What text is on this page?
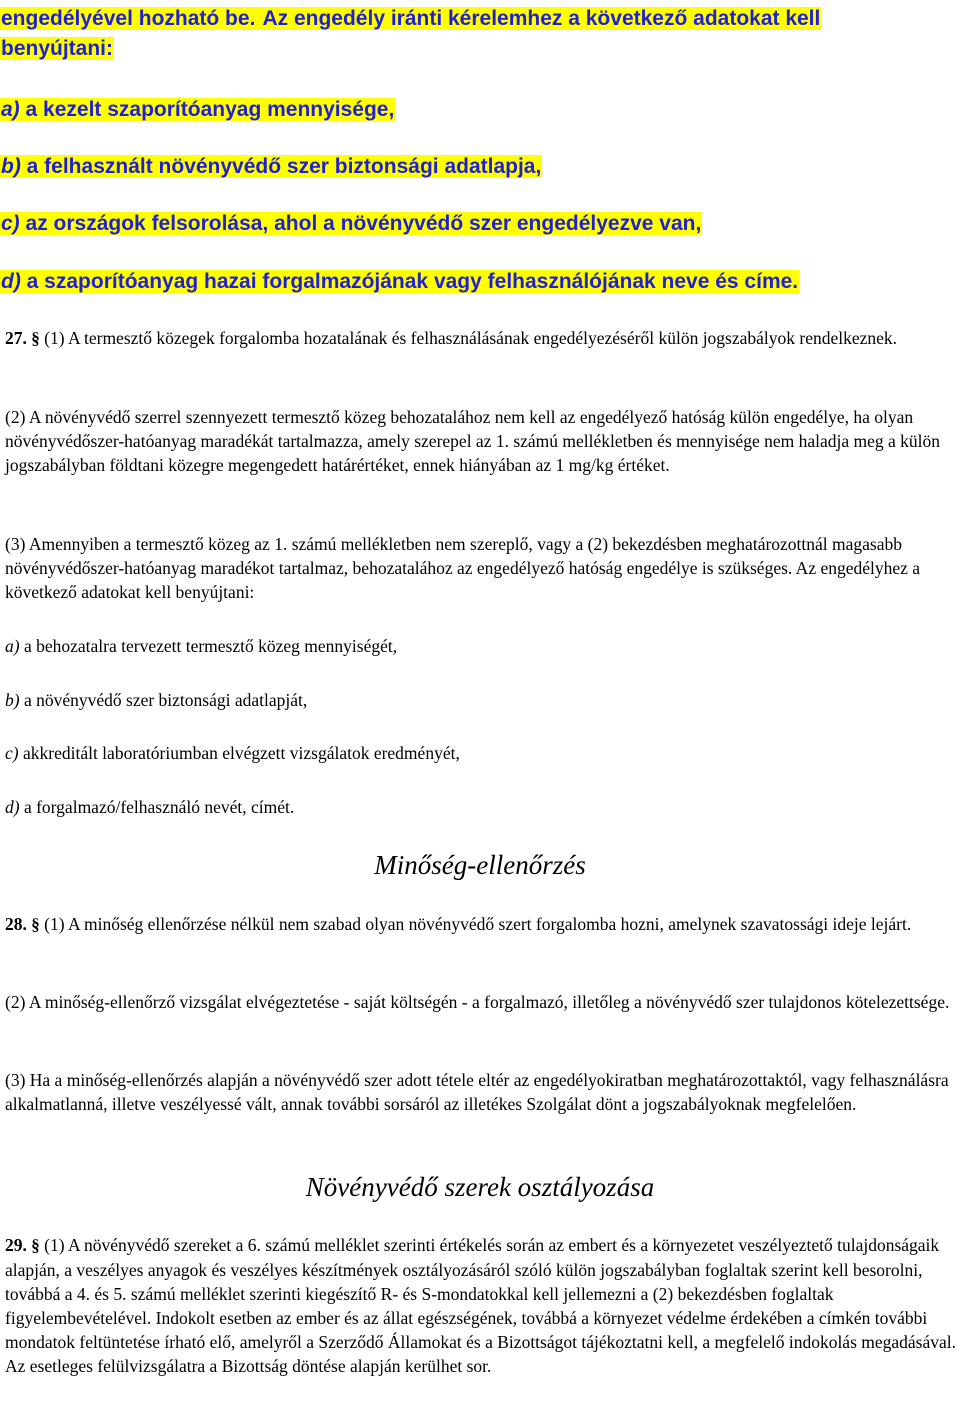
engedélyével hozható be. Az engedély iránti kérelemhez a következő adatokat kell
benyújtani:
a) a kezelt szaporítóanyag mennyisége,
b) a felhasznált növényvédő szer biztonsági adatlapja,
c) az országok felsorolása, ahol a növényvédő szer engedélyezve van,
d) a szaporítóanyag hazai forgalmazójának vagy felhasználójának neve és címe.

27. § (1) A termesztő közegek forgalomba hozatalának és felhasználásának engedélyezéséről külön jogszabályok rendelkeznek.

(2) A növényvédő szerrel szennyezett termesztő közeg behozatalához nem kell az engedélyező hatóság külön engedélye, ha olyan növényvédőszer-hatóanyag maradékát tartalmazza, amely szerepel az 1. számú mellékletben és mennyisége nem haladja meg a külön jogszabályban földtani közegre megengedett határértéket, ennek hiányában az 1 mg/kg értéket.

(3) Amennyiben a termesztő közeg az 1. számú mellékletben nem szereplő, vagy a (2) bekezdésben meghatározottnál magasabb növényvédőszer-hatóanyag maradékot tartalmaz, behozatalához az engedélyező hatóság engedélye is szükséges. Az engedélyhez a következő adatokat kell benyújtani:

a) a behozatalra tervezett termesztő közeg mennyiségét,

b) a növényvédő szer biztonsági adatlapját,

c) akkreditált laboratóriumban elvégzett vizsgálatok eredményét,

d) a forgalmazó/felhasználó nevét, címét.

Minőség-ellenőrzés

28. § (1) A minőség ellenőrzése nélkül nem szabad olyan növényvédő szert forgalomba hozni, amelynek szavatossági ideje lejárt.

(2) A minőség-ellenőrző vizsgálat elvégeztetése - saját költségén - a forgalmazó, illetőleg a növényvédő szer tulajdonos kötelezettsége.

(3) Ha a minőség-ellenőrzés alapján a növényvédő szer adott tétele eltér az engedélyokiratban meghatározottaktól, vagy felhasználásra alkalmatlanná, illetve veszélyessé vált, annak további sorsáról az illetékes Szolgálat dönt a jogszabályoknak megfelelően.

Növényvédő szerek osztályozása

29. § (1) A növényvédő szereket a 6. számú melléklet szerinti értékelés során az embert és a környezetet veszélyeztető tulajdonságaik alapján, a veszélyes anyagok és veszélyes készítmények osztályozásáról szóló külön jogszabályban foglaltak szerint kell besorolni, továbbá a 4. és 5. számú melléklet szerinti kiegészítő R- és S-mondatokkal kell jellemezni a (2) bekezdésben foglaltak figyelembevételével. Indokolt esetben az ember és az állat egészségének, továbbá a környezet védelme érdekében a címkén további mondatok feltüntetése írható elő, amelyről a Szerződő Államokat és a Bizottságot tájékoztatni kell, a megfelelő indokolás megadásával. Az esetleges felülvizsgálatra a Bizottság döntése alapján kerülhet sor.
